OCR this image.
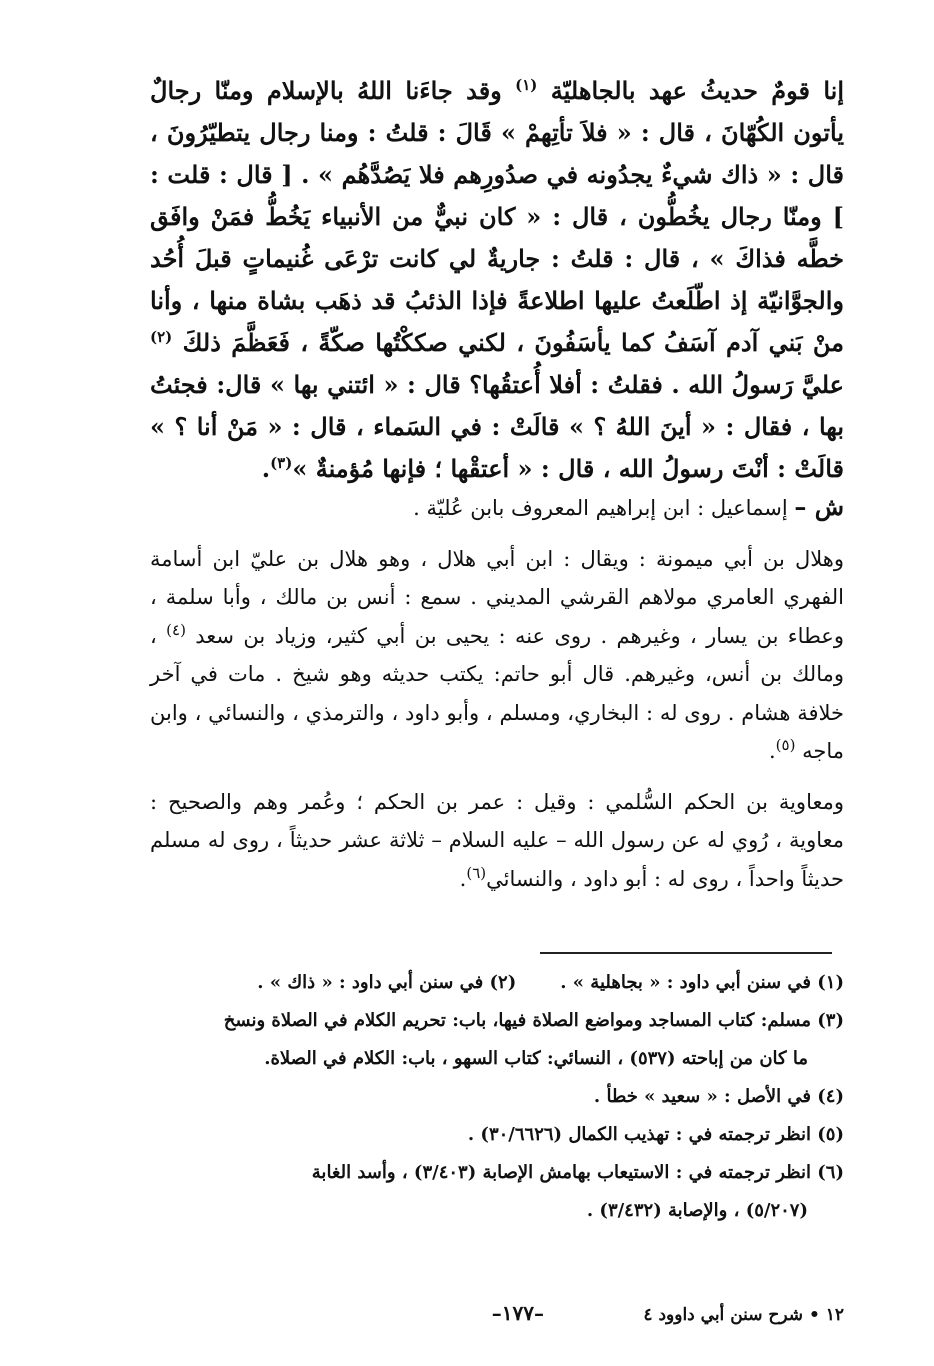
إنا قومٌ حديثُ عهد بالجاهليّة $^{(١)}$ وقد جاءَنا اللهُ بالإسلام ومنّا رجالٌ يأتون الكُهّانَ ، قال : « فلاَ تأتِهمْ » قَالَ : قلتُ : ومنا رجال يتطيّرُونَ ، قال : « ذاك شيءٌ يجدُونه في صدُورِهم فلا يَصُدَّهُم » . [ قال : قلت : ] ومنّا رجال يخُطُّون ، قال : « كان نبيٌّ من الأنبياء يَخُطُّ فمَنْ وافَق خطَّه فذاكَ » ، قال : قلتُ : جاريةٌ لي كانت ترْعَى غُنيماتٍ قبلَ أُحُد والجوَّانيّة إذ اطّلَعتُ عليها اطلاعةً فإذا الذئبُ قد ذهَب بشاة منها ، وأنا منْ بَني آدم آسَفُ كما يأسَفُونَ ، لكني صككْتُها صكّةً ، فَعَظَّمَ ذلكَ $^{(٢)}$ عليَّ رَسولُ الله . فقلتُ : أفلا أُعتقُها؟ قال : « ائتني بها » قال: فجئتُ بها ، فقال : « أينَ اللهُ ؟ » قالَتْ : في السَماء ، قال : « مَنْ أنا ؟ » قالَتْ : أنْتَ رسولُ الله ، قال : « أعتقْها ؛ فإنها مُؤمنةٌ »$^{(٣)}$.

ش – إسماعيل : ابن إبراهيم المعروف بابن عُليّة .

وهلال بن أبي ميمونة : ويقال : ابن أبي هلال ، وهو هلال بن عليّ ابن أسامة الفهري العامري مولاهم القرشي المديني . سمع : أنس بن مالك ، وأبا سلمة ، وعطاء بن يسار ، وغيرهم . روى عنه : يحيى بن أبي كثير، وزياد بن سعد $^{(٤)}$ ، ومالك بن أنس، وغيرهم. قال أبو حاتم: يكتب حديثه وهو شيخ . مات في آخر خلافة هشام . روى له : البخاري، ومسلم ، وأبو داود ، والترمذي ، والنسائي ، وابن ماجه $^{(٥)}$.

ومعاوية بن الحكم السُّلمي : وقيل : عمر بن الحكم ؛ وعُمر وهم والصحيح : معاوية ، رُوي له عن رسول الله – عليه السلام – ثلاثة عشر حديثاً ، روى له مسلم حديثاً واحداً ، روى له : أبو داود ، والنسائي$^{(٦)}$.

(١) في سنن أبي داود : « بجاهلية » .
(٢) في سنن أبي داود : « ذاك » .
(٣) مسلم: كتاب المساجد ومواضع الصلاة فيها، باب: تحريم الكلام في الصلاة ونسخ
ما كان من إباحته (٥٣٧) ، النسائي: كتاب السهو ، باب: الكلام في الصلاة.
(٤) في الأصل : « سعيد » خطأ .
(٥) انظر ترجمته في : تهذيب الكمال (٣٠/٦٦٢٦) .
(٦) انظر ترجمته في : الاستيعاب بهامش الإصابة (٣/٤٠٣) ، وأسد الغابة
(٥/٢٠٧) ، والإصابة (٣/٤٣٢) .
١٢ • شرح سنن أبي داوود ٤
–١٧٧–
